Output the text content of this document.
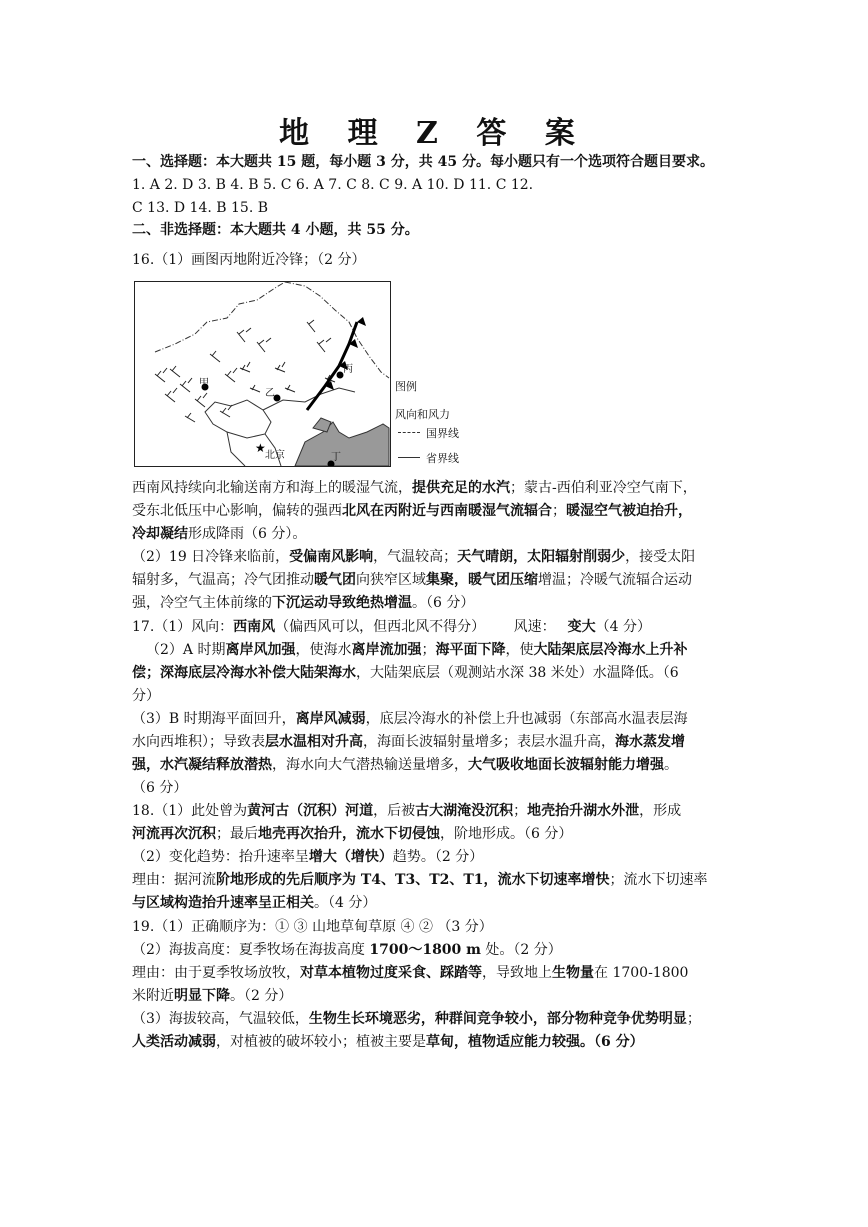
地 理 Z 答 案
一、选择题：本大题共 15 题，每小题 3 分，共 45 分。每小题只有一个选项符合题目要求。
1. A 2. D 3. B 4. B 5. C 6. A 7. C 8. C 9. A 10. D 11. C 12.
C 13. D 14. B 15. B
二、非选择题：本大题共 4 小题，共 55 分。
16.（1）画图丙地附近冷锋；（2 分）
★
甲
乙
丙
丁
北京
图例
风向和风力
国界线
省界线
西南风持续向北输送南方和海上的暖湿气流，提供充足的水汽；蒙古-西伯利亚冷空气南下，
受东北低压中心影响，偏转的强西北风在丙附近与西南暖湿气流辐合；暖湿空气被迫抬升，
冷却凝结形成降雨（6 分）。
（2）19 日冷锋来临前，受偏南风影响，气温较高；天气晴朗，太阳辐射削弱少，接受太阳
辐射多，气温高；冷气团推动暖气团向狭窄区域集聚，暖气团压缩增温；冷暖气流辐合运动
强，冷空气主体前缘的下沉运动导致绝热增温。（6 分）
17.（1）风向：西南风（偏西风可以，但西北风不得分） 风速： 变大（4 分）
（2）A 时期离岸风加强，使海水离岸流加强；海平面下降，使大陆架底层冷海水上升补
偿；深海底层冷海水补偿大陆架海水，大陆架底层（观测站水深 38 米处）水温降低。（6
分）
（3）B 时期海平面回升，离岸风减弱，底层冷海水的补偿上升也减弱（东部高水温表层海
水向西堆积）；导致表层水温相对升高，海面长波辐射量增多；表层水温升高，海水蒸发增
强，水汽凝结释放潜热，海水向大气潜热输送量增多，大气吸收地面长波辐射能力增强。
（6 分）
18.（1）此处曾为黄河古（沉积）河道，后被古大湖淹没沉积；地壳抬升湖水外泄，形成
河流再次沉积；最后地壳再次抬升，流水下切侵蚀，阶地形成。（6 分）
（2）变化趋势：抬升速率呈增大（增快）趋势。（2 分）
理由：据河流阶地形成的先后顺序为 T4、T3、T2、T1，流水下切速率增快；流水下切速率
与区域构造抬升速率呈正相关。（4 分）
19.（1）正确顺序为：① ③ 山地草甸草原 ④ ② （3 分）
（2）海拔高度：夏季牧场在海拔高度 1700～1800 m 处。（2 分）
理由：由于夏季牧场放牧，对草本植物过度采食、踩踏等，导致地上生物量在 1700-1800
米附近明显下降。（2 分）
（3）海拔较高，气温较低，生物生长环境恶劣，种群间竞争较小，部分物种竞争优势明显；
人类活动减弱，对植被的破坏较小；植被主要是草甸，植物适应能力较强。（6 分）
